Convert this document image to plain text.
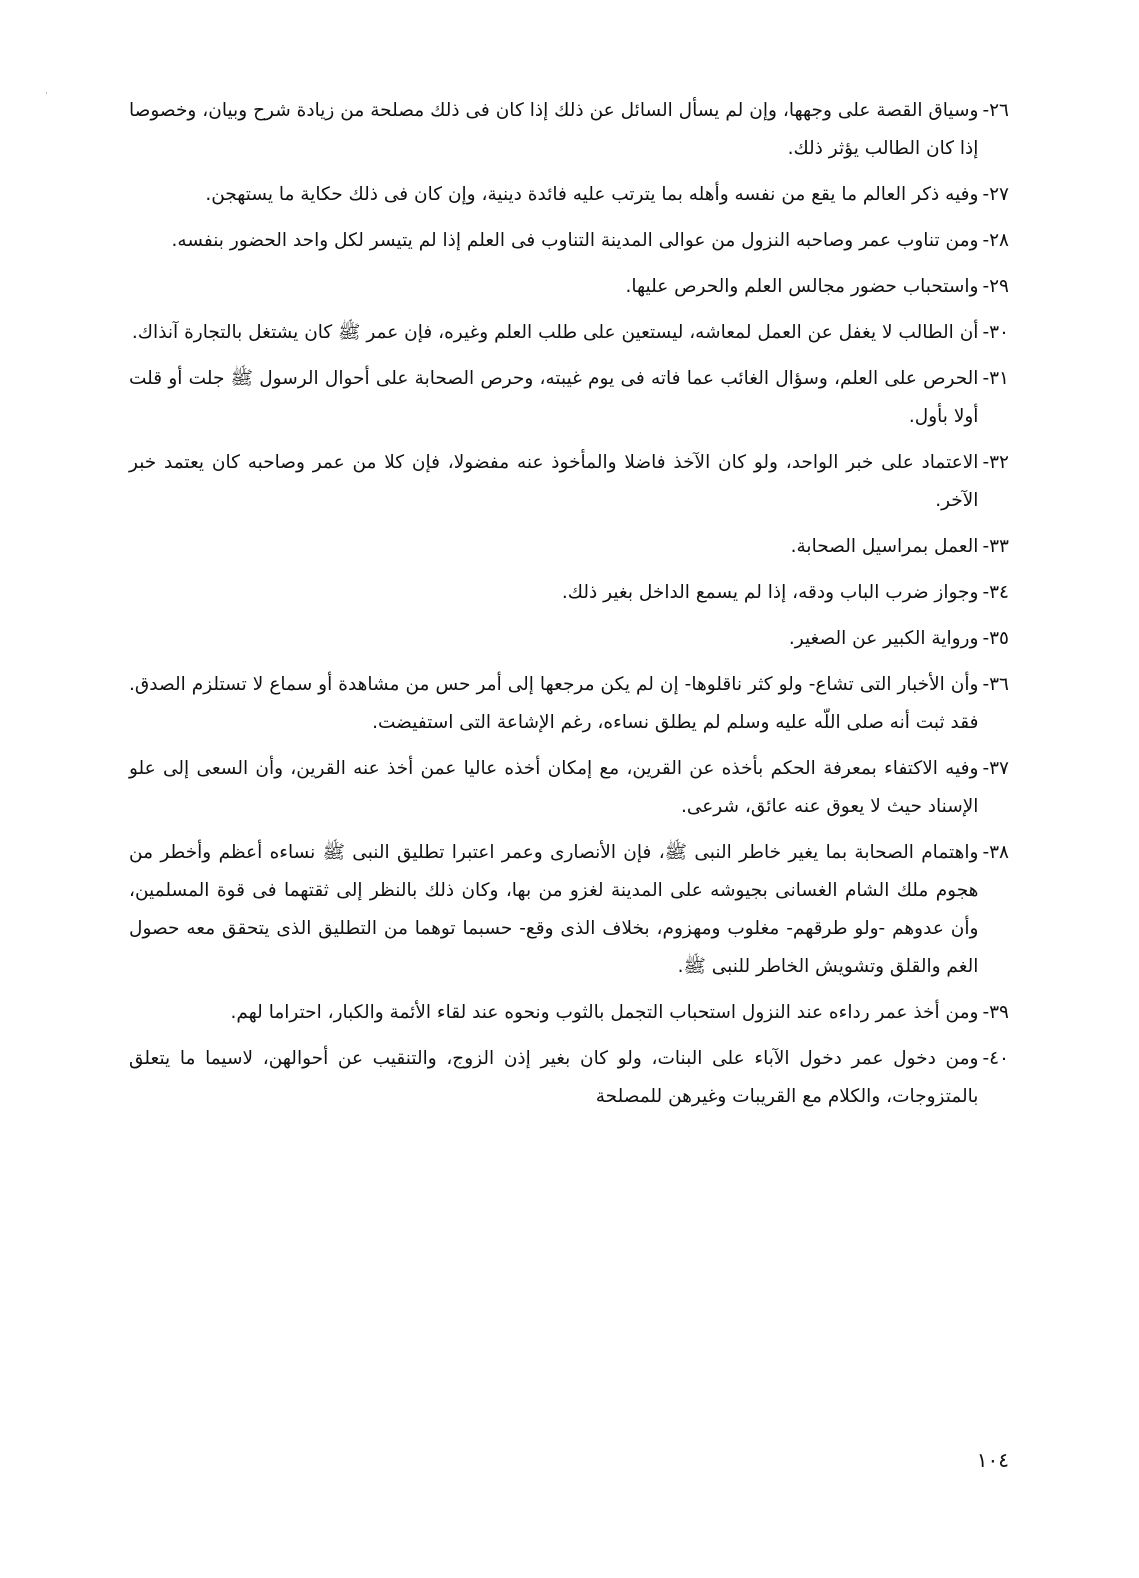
٢٦-
وسياق القصة على وجهها، وإن لم يسأل السائل عن ذلك إذا كان فى ذلك مصلحة من زيادة شرح وبيان، وخصوصا إذا كان الطالب يؤثر ذلك.
٢٧-
وفيه ذكر العالم ما يقع من نفسه وأهله بما يترتب عليه فائدة دينية، وإن كان فى ذلك حكاية ما يستهجن.
٢٨-
ومن تناوب عمر وصاحبه النزول من عوالى المدينة التناوب فى العلم إذا لم يتيسر لكل واحد الحضور بنفسه.
٢٩-
واستحباب حضور مجالس العلم والحرص عليها.
٣٠-
أن الطالب لا يغفل عن العمل لمعاشه، ليستعين على طلب العلم وغيره، فإن عمر ﷺ كان يشتغل بالتجارة آنذاك.
٣١-
الحرص على العلم، وسؤال الغائب عما فاته فى يوم غيبته، وحرص الصحابة على أحوال الرسول ﷺ جلت أو قلت أولا بأول.
٣٢-
الاعتماد على خبر الواحد، ولو كان الآخذ فاضلا والمأخوذ عنه مفضولا، فإن كلا من عمر وصاحبه كان يعتمد خبر الآخر.
٣٣-
العمل بمراسيل الصحابة.
٣٤-
وجواز ضرب الباب ودقه، إذا لم يسمع الداخل بغير ذلك.
٣٥-
ورواية الكبير عن الصغير.
٣٦-
وأن الأخبار التى تشاع- ولو كثر ناقلوها- إن لم يكن مرجعها إلى أمر حس من مشاهدة أو سماع لا تستلزم الصدق. فقد ثبت أنه صلى اللّه عليه وسلم لم يطلق نساءه، رغم الإشاعة التى استفيضت.
٣٧-
وفيه الاكتفاء بمعرفة الحكم بأخذه عن القرين، مع إمكان أخذه عاليا عمن أخذ عنه القرين، وأن السعى إلى علو الإسناد حيث لا يعوق عنه عائق، شرعى.
٣٨-
واهتمام الصحابة بما يغير خاطر النبى ﷺ، فإن الأنصارى وعمر اعتبرا تطليق النبى ﷺ نساءه أعظم وأخطر من هجوم ملك الشام الغسانى بجيوشه على المدينة لغزو من بها، وكان ذلك بالنظر إلى ثقتهما فى قوة المسلمين، وأن عدوهم -ولو طرقهم- مغلوب ومهزوم، بخلاف الذى وقع- حسبما توهما من التطليق الذى يتحقق معه حصول الغم والقلق وتشويش الخاطر للنبى ﷺ.
٣٩-
ومن أخذ عمر رداءه عند النزول استحباب التجمل بالثوب ونحوه عند لقاء الأئمة والكبار، احتراما لهم.
٤٠-
ومن دخول عمر دخول الآباء على البنات، ولو كان بغير إذن الزوج، والتنقيب عن أحوالهن، لاسيما ما يتعلق بالمتزوجات، والكلام مع القريبات وغيرهن للمصلحة
١٠٤
